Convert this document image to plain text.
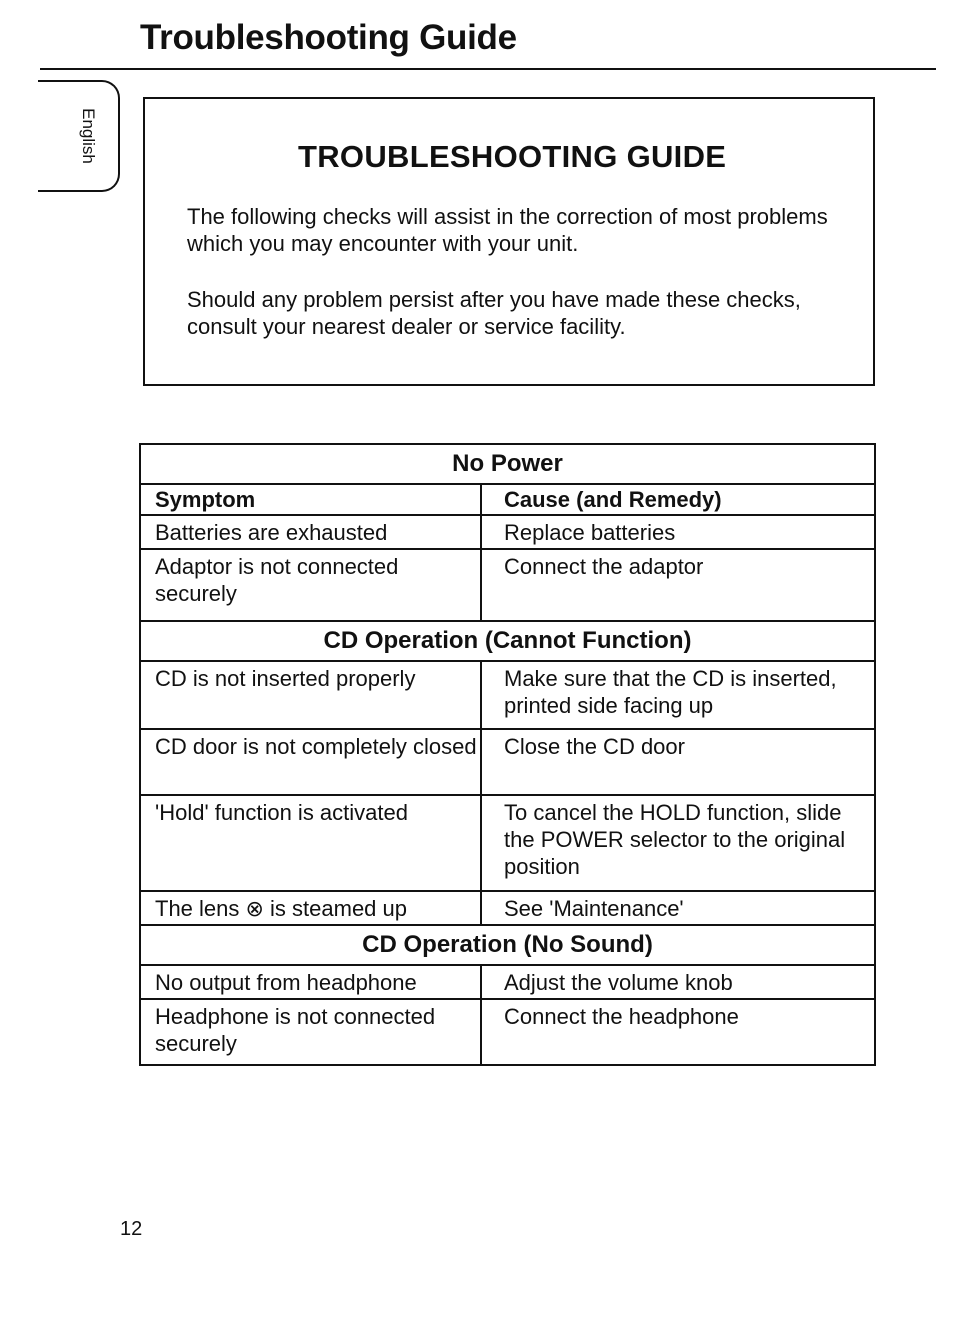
Troubleshooting Guide
English	TROUBLESHOOTING GUIDE

The following checks will assist in the correction of most problems which you may encounter with your unit.

Should any problem persist after you have made these checks, consult your nearest dealer or service facility.

No Power	
Symptom	Cause (and Remedy)
Batteries are exhausted	Replace batteries
Adaptor is not connected securely	Connect the adaptor
CD Operation (Cannot Function)	
CD is not inserted properly	Make sure that the CD is inserted, printed side facing up
CD door is not completely closed	Close the CD door
'Hold' function is activated	To cancel the HOLD function, slide the POWER selector to the original position
The lens ⊗ is steamed up	See 'Maintenance'
CD Operation (No Sound)	
No output from headphone	Adjust the volume knob
Headphone is not connected securely	Connect the headphone
12
